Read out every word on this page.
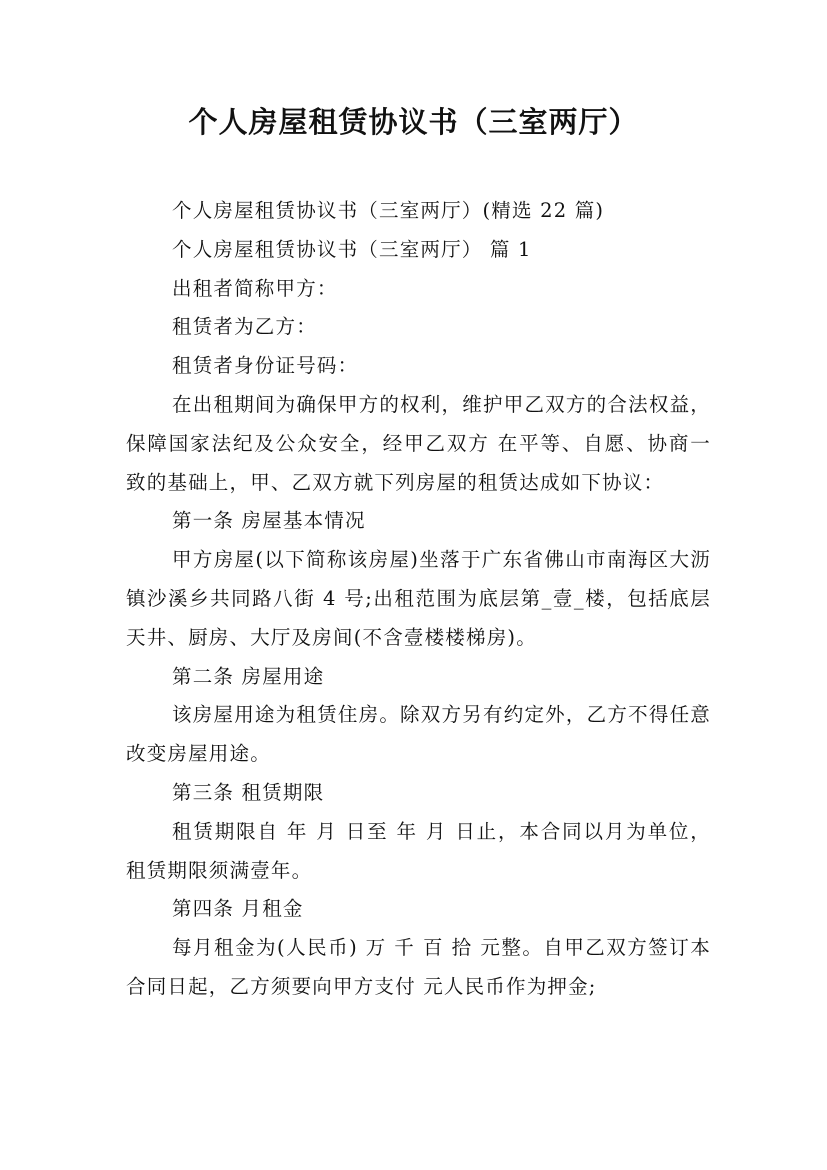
个人房屋租赁协议书（三室两厅）

个人房屋租赁协议书（三室两厅）(精选 22 篇)

个人房屋租赁协议书（三室两厅） 篇 1

出租者简称甲方：

租赁者为乙方：

租赁者身份证号码：

在出租期间为确保甲方的权利，维护甲乙双方的合法权益，保障国家法纪及公众安全，经甲乙双方 在平等、自愿、协商一致的基础上，甲、乙双方就下列房屋的租赁达成如下协议：

第一条 房屋基本情况

甲方房屋(以下简称该房屋)坐落于广东省佛山市南海区大沥镇沙溪乡共同路八街 4 号;出租范围为底层第_壹_楼，包括底层天井、厨房、大厅及房间(不含壹楼楼梯房)。

第二条 房屋用途

该房屋用途为租赁住房。除双方另有约定外，乙方不得任意改变房屋用途。

第三条 租赁期限

租赁期限自 年 月 日至 年 月 日止，本合同以月为单位，租赁期限须满壹年。

第四条 月租金

每月租金为(人民币) 万 千 百 拾 元整。自甲乙双方签订本合同日起，乙方须要向甲方支付 元人民币作为押金;
